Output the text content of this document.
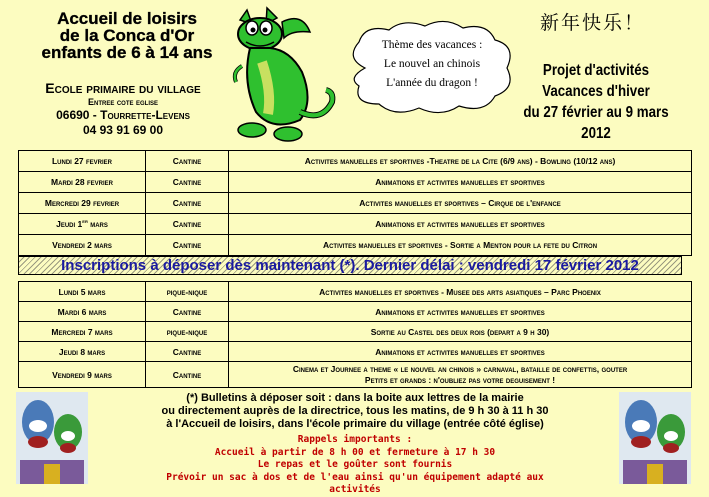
Accueil de loisirs
de la Conca d'Or
enfants de 6 à 14 ans
Ecole primaire du village
Entree cote eglise
06690 - Tourrette-Levens
04 93 91 69 00
Thème des vacances :
Le nouvel an chinois
L'année du dragon !
新年快乐！
Projet d'activités
Vacances d'hiver
du 27 février au 9 mars 2012
Lundi 27 fevrier	Cantine	Activites manuelles et sportives -Theatre de la Cite (6/9 ans) - Bowling (10/12 ans)
Mardi 28 fevrier	Cantine	Animations et activites manuelles et sportives
Mercredi 29 fevrier	Cantine	Activites manuelles et sportives – Cirque de l'enfance
Jeudi 1er mars	Cantine	Animations et activites manuelles et sportives
Vendredi 2 mars	Cantine	Activites manuelles et sportives - Sortie a Menton pour la fete du Citron
Inscriptions à déposer dès maintenant (*). Dernier délai : vendredi 17 février 2012
Lundi 5 mars	pique-nique	Activites manuelles et sportives - Musee des arts asiatiques – Parc Phoenix
Mardi 6 mars	Cantine	Animations et activites manuelles et sportives
Mercredi 7 mars	pique-nique	Sortie au Castel des deux rois (depart a 9 h 30)
Jeudi 8 mars	Cantine	Animations et activites manuelles et sportives
Vendredi 9 mars	Cantine	Cinema et Journee a theme « le nouvel an chinois » carnaval, bataille de confettis, gouter
Petits et grands : n'oubliez pas votre deguisement !
(*) Bulletins à déposer soit : dans la boite aux lettres de la mairie
ou directement auprès de la directrice, tous les matins, de 9 h 30 à 11 h 30
à l'Accueil de loisirs, dans l'école primaire du village (entrée côté église)
Rappels importants :
Accueil à partir de 8 h 00 et fermeture à 17 h 30
Le repas et le goûter sont fournis
Prévoir un sac à dos et de l'eau ainsi qu'un équipement adapté aux activités
